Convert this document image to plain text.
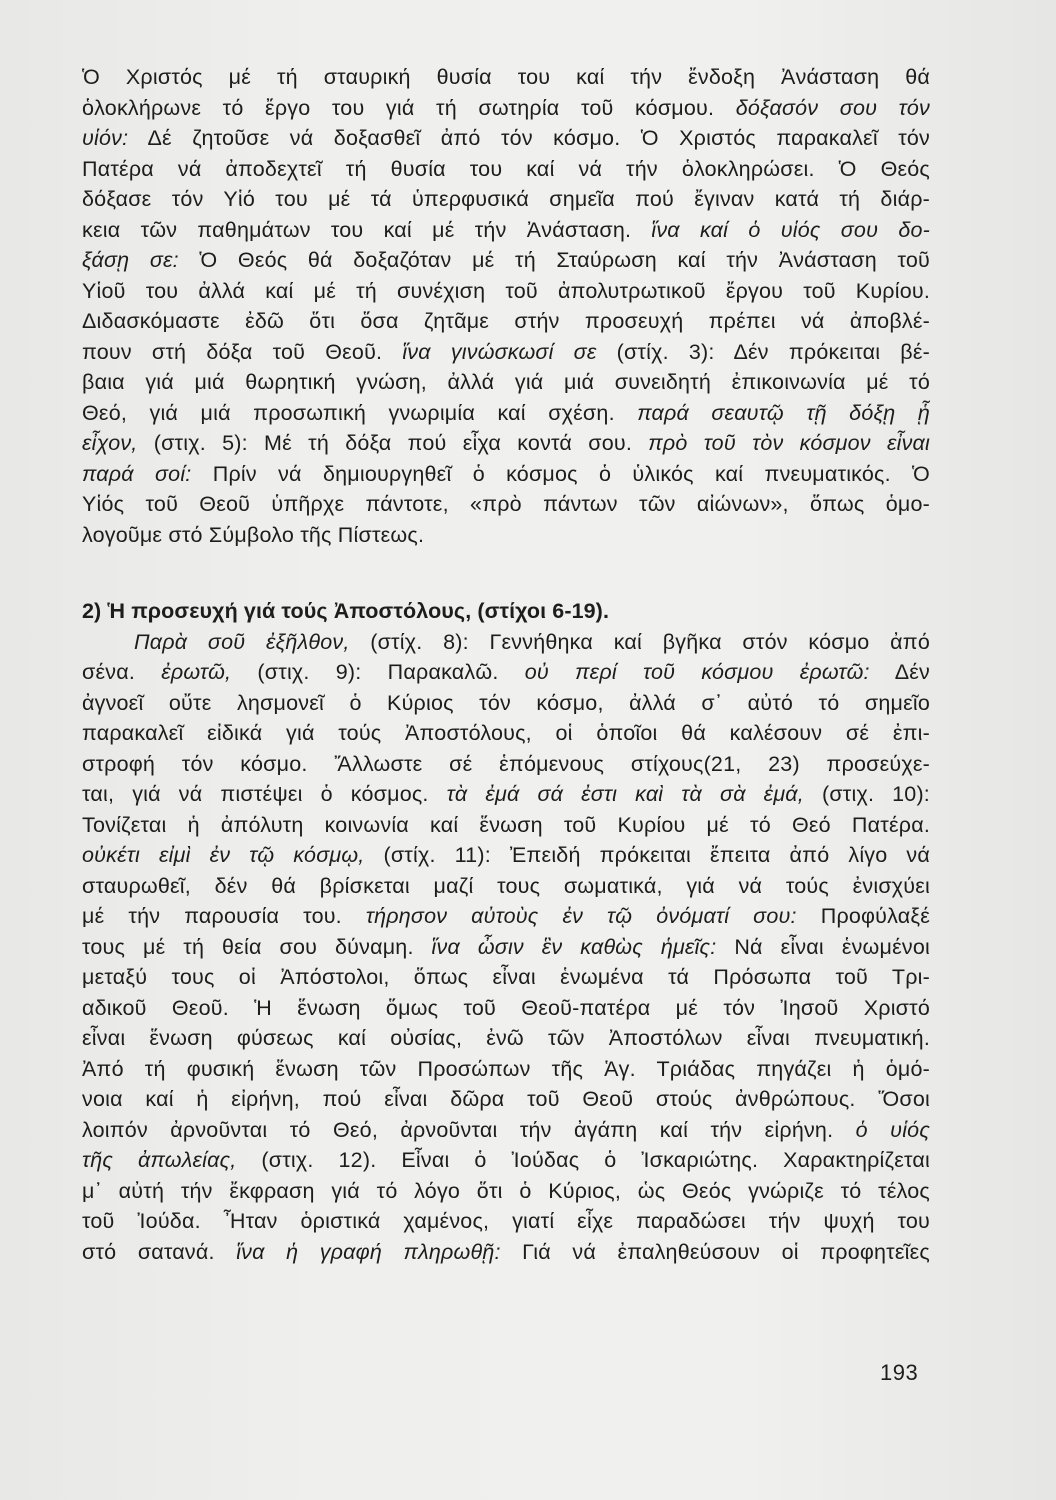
Ὁ Χριστός μέ τή σταυρική θυσία του καί τήν ἔνδοξη Ἀνάσταση θά
ὁλοκλήρωνε τό ἔργο του γιά τή σωτηρία τοῦ κόσμου. δόξασόν σου τόν
υἱόν: Δέ ζητοῦσε νά δοξασθεῖ ἀπό τόν κόσμο. Ὁ Χριστός παρακαλεῖ τόν
Πατέρα νά ἀποδεχτεῖ τή θυσία του καί νά τήν ὁλοκληρώσει. Ὁ Θεός
δόξασε τόν Υἱό του μέ τά ὑπερφυσικά σημεῖα πού ἔγιναν κατά τή διάρ-
κεια τῶν παθημάτων του καί μέ τήν Ἀνάσταση. ἵνα καί ὁ υἱός σου δο-
ξάσῃ σε: Ὁ Θεός θά δοξαζόταν μέ τή Σταύρωση καί τήν Ἀνάσταση τοῦ
Υἱοῦ του ἀλλά καί μέ τή συνέχιση τοῦ ἀπολυτρωτικοῦ ἔργου τοῦ Κυρίου.
Διδασκόμαστε ἐδῶ ὅτι ὅσα ζητᾶμε στήν προσευχή πρέπει νά ἀποβλέ-
πουν στή δόξα τοῦ Θεοῦ. ἵνα γινώσκωσί σε (στίχ. 3): Δέν πρόκειται βέ-
βαια γιά μιά θωρητική γνώση, ἀλλά γιά μιά συνειδητή ἐπικοινωνία μέ τό
Θεό, γιά μιά προσωπική γνωριμία καί σχέση. παρά σεαυτῷ τῇ δόξῃ ᾗ
εἶχον, (στιχ. 5): Μέ τή δόξα πού εἶχα κοντά σου. πρὸ τοῦ τὸν κόσμον εἶναι
παρά σοί: Πρίν νά δημιουργηθεῖ ὁ κόσμος ὁ ὑλικός καί πνευματικός. Ὁ
Υἱός τοῦ Θεοῦ ὑπῆρχε πάντοτε, «πρὸ πάντων τῶν αἰώνων», ὅπως ὁμο-
λογοῦμε στό Σύμβολο τῆς Πίστεως.
2) Ἡ προσευχή γιά τούς Ἀποστόλους, (στίχοι 6-19).
Παρὰ σοῦ ἐξῆλθον, (στίχ. 8): Γεννήθηκα καί βγῆκα στόν κόσμο ἀπό
σένα. ἐρωτῶ, (στιχ. 9): Παρακαλῶ. οὐ περί τοῦ κόσμου ἐρωτῶ: Δέν
ἀγνοεῖ οὔτε λησμονεῖ ὁ Κύριος τόν κόσμο, ἀλλά σ᾽ αὐτό τό σημεῖο
παρακαλεῖ εἰδικά γιά τούς Ἀποστόλους, οἱ ὁποῖοι θά καλέσουν σέ ἐπι-
στροφή τόν κόσμο. Ἄλλωστε σέ ἑπόμενους στίχους(21, 23) προσεύχε-
ται, γιά νά πιστέψει ὁ κόσμος. τὰ ἐμά σά ἐστι καὶ τὰ σὰ ἐμά, (στιχ. 10):
Τονίζεται ἡ ἀπόλυτη κοινωνία καί ἕνωση τοῦ Κυρίου μέ τό Θεό Πατέρα.
οὐκέτι εἰμὶ ἐν τῷ κόσμῳ, (στίχ. 11): Ἐπειδή πρόκειται ἔπειτα ἀπό λίγο νά
σταυρωθεῖ, δέν θά βρίσκεται μαζί τους σωματικά, γιά νά τούς ἐνισχύει
μέ τήν παρουσία του. τήρησον αὐτοὺς ἐν τῷ ὀνόματί σου: Προφύλαξέ
τους μέ τή θεία σου δύναμη. ἵνα ὦσιν ἓν καθὼς ἡμεῖς: Νά εἶναι ἑνωμένοι
μεταξύ τους οἱ Ἀπόστολοι, ὅπως εἶναι ἑνωμένα τά Πρόσωπα τοῦ Τρι-
αδικοῦ Θεοῦ. Ἡ ἕνωση ὅμως τοῦ Θεοῦ-πατέρα μέ τόν Ἰησοῦ Χριστό
εἶναι ἕνωση φύσεως καί οὐσίας, ἐνῶ τῶν Ἀποστόλων εἶναι πνευματική.
Ἀπό τή φυσική ἕνωση τῶν Προσώπων τῆς Ἁγ. Τριάδας πηγάζει ἡ ὁμό-
νοια καί ἡ εἰρήνη, πού εἶναι δῶρα τοῦ Θεοῦ στούς ἀνθρώπους. Ὅσοι
λοιπόν ἀρνοῦνται τό Θεό, ἀρνοῦνται τήν ἀγάπη καί τήν εἰρήνη. ὁ υἱός
τῆς ἀπωλείας, (στιχ. 12). Εἶναι ὁ Ἰούδας ὁ Ἰσκαριώτης. Χαρακτηρίζεται
μ᾽ αὐτή τήν ἔκφραση γιά τό λόγο ὅτι ὁ Κύριος, ὡς Θεός γνώριζε τό τέλος
τοῦ Ἰούδα. Ἦταν ὁριστικά χαμένος, γιατί εἶχε παραδώσει τήν ψυχή του
στό σατανά. ἵνα ἡ γραφή πληρωθῇ: Γιά νά ἐπαληθεύσουν οἱ προφητεῖες
193
